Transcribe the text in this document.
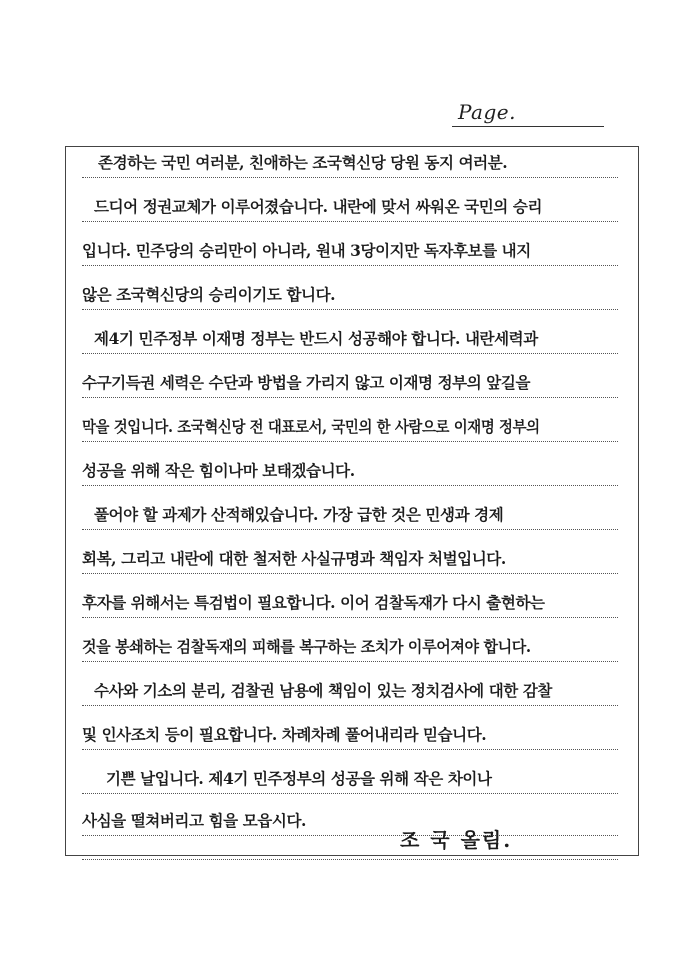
Page.
존경하는 국민 여러분, 친애하는 조국혁신당 당원 동지 여러분.
드디어 정권교체가 이루어졌습니다. 내란에 맞서 싸워온 국민의 승리
입니다. 민주당의 승리만이 아니라, 원내 3당이지만 독자후보를 내지
않은 조국혁신당의 승리이기도 합니다.
제4기 민주정부 이재명 정부는 반드시 성공해야 합니다. 내란세력과
수구기득권 세력은 수단과 방법을 가리지 않고 이재명 정부의 앞길을
막을 것입니다. 조국혁신당 전 대표로서, 국민의 한 사람으로 이재명 정부의
성공을 위해 작은 힘이나마 보태겠습니다.
풀어야 할 과제가 산적해있습니다. 가장 급한 것은 민생과 경제
회복, 그리고 내란에 대한 철저한 사실규명과 책임자 처벌입니다.
후자를 위해서는 특검법이 필요합니다. 이어 검찰독재가 다시 출현하는
것을 봉쇄하는 검찰독재의 피해를 복구하는 조치가 이루어져야 합니다.
수사와 기소의 분리, 검찰권 남용에 책임이 있는 정치검사에 대한 감찰
및 인사조치 등이 필요합니다. 차례차례 풀어내리라 믿습니다.
기쁜 날입니다. 제4기 민주정부의 성공을 위해 작은 차이나
사심을 떨쳐버리고 힘을 모읍시다.
조 국 올림.
